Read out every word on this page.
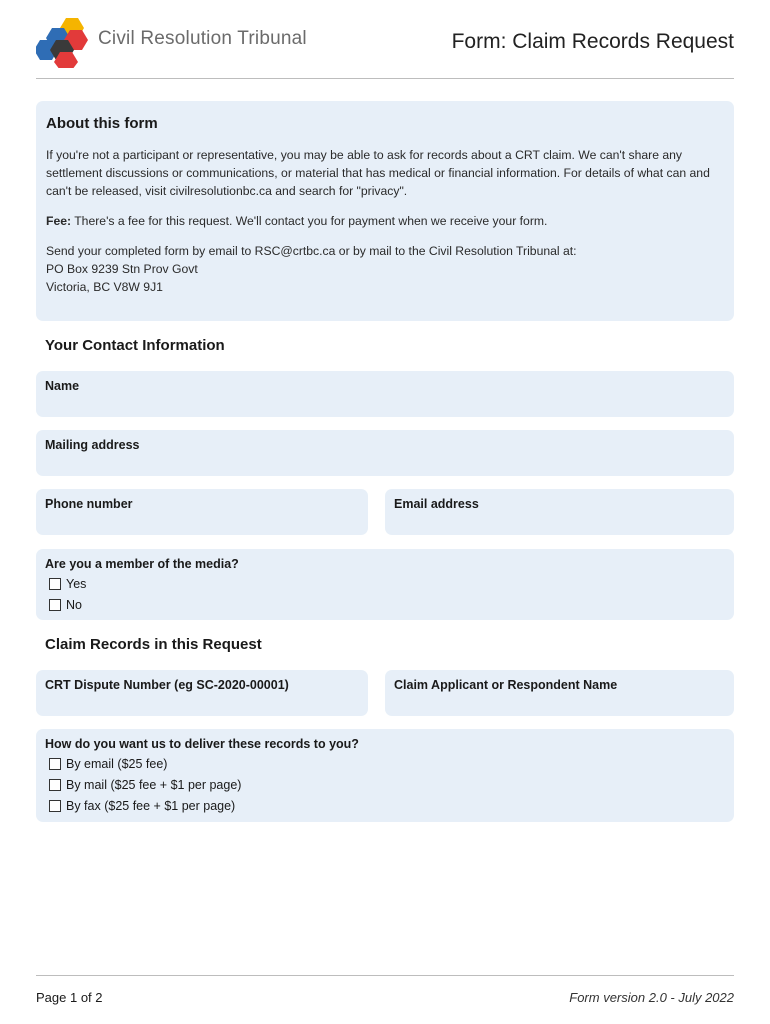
Civil Resolution Tribunal	Form: Claim Records Request
About this form

If you're not a participant or representative, you may be able to ask for records about a CRT claim. We can't share any settlement discussions or communications, or material that has medical or financial information. For details of what can and can't be released, visit civilresolutionbc.ca and search for "privacy".

Fee: There's a fee for this request. We'll contact you for payment when we receive your form.

Send your completed form by email to RSC@crtbc.ca or by mail to the Civil Resolution Tribunal at:
PO Box 9239 Stn Prov Govt
Victoria, BC V8W 9J1

Your Contact Information
Name
Mailing address
Phone number	Email address
Are you a member of the media?
Yes
No
Claim Records in this Request
CRT Dispute Number (eg SC-2020-00001)	Claim Applicant or Respondent Name
How do you want us to deliver these records to you?
By email ($25 fee)
By mail ($25 fee + $1 per page)
By fax ($25 fee + $1 per page)
Page 1 of 2	Form version 2.0 - July 2022
